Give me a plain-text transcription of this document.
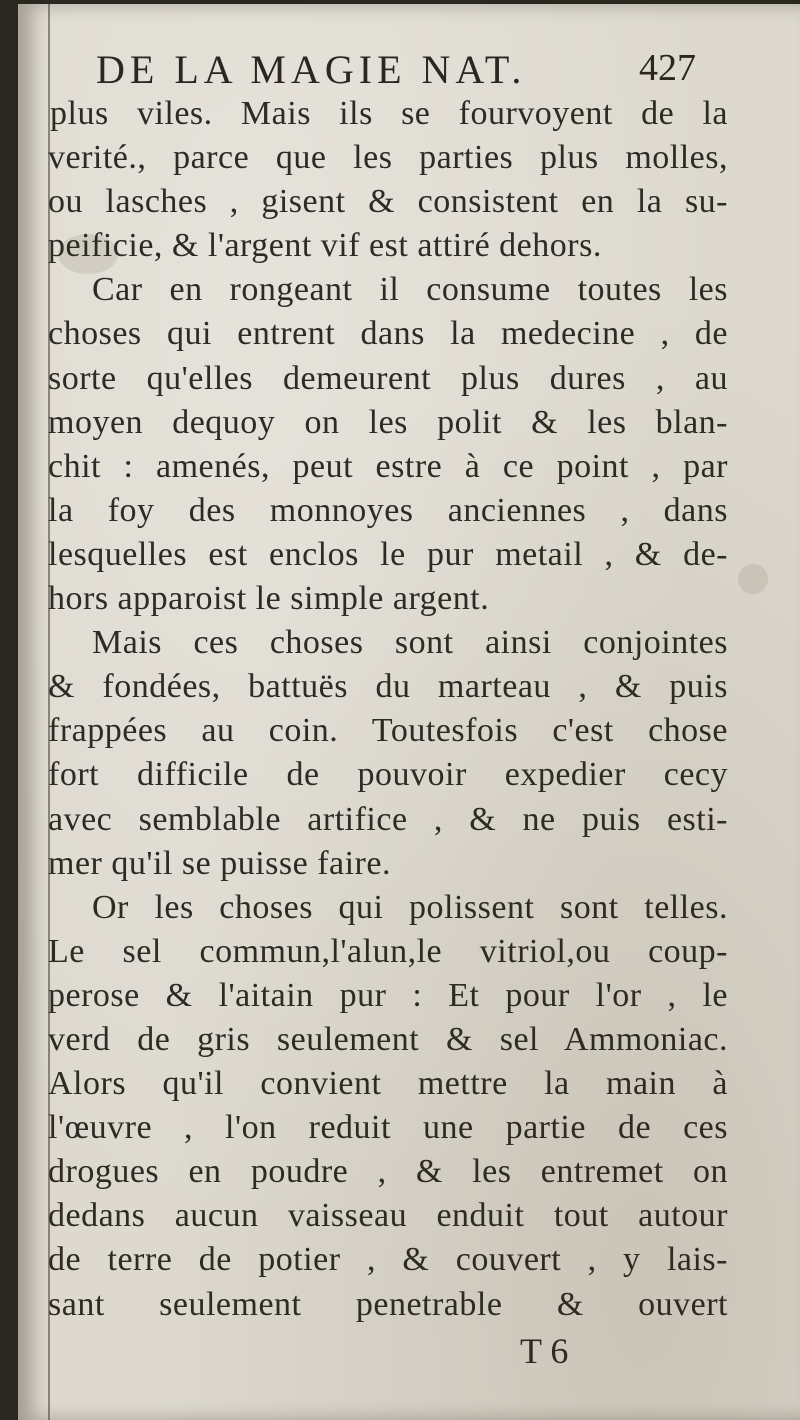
DE LA MAGIE NAT.	427
plus viles. Mais ils se fourvoyent de la
verité., parce que les parties plus molles,
ou lasches , gisent & consistent en la su-
peificie, & l'argent vif est attiré dehors.
Car en rongeant il consume toutes les
choses qui entrent dans la medecine , de
sorte qu'elles demeurent plus dures , au
moyen dequoy on les polit & les blan-
chit : amenés, peut estre à ce point , par
la foy des monnoyes anciennes , dans
lesquelles est enclos le pur metail , & de-
hors apparoist le simple argent.
Mais ces choses sont ainsi conjointes
& fondées, battuës du marteau , & puis
frappées au coin. Toutesfois c'est chose
fort difficile de pouvoir expedier cecy
avec semblable artifice , & ne puis esti-
mer qu'il se puisse faire.
Or les choses qui polissent sont telles.
Le sel commun,l'alun,le vitriol,ou coup-
perose & l'aitain pur : Et pour l'or , le
verd de gris seulement & sel Ammoniac.
Alors qu'il convient mettre la main à
l'œuvre , l'on reduit une partie de ces
drogues en poudre , & les entremet on
dedans aucun vaisseau enduit tout autour
de terre de potier , & couvert , y lais-
sant seulement penetrable & ouvert
T 6
